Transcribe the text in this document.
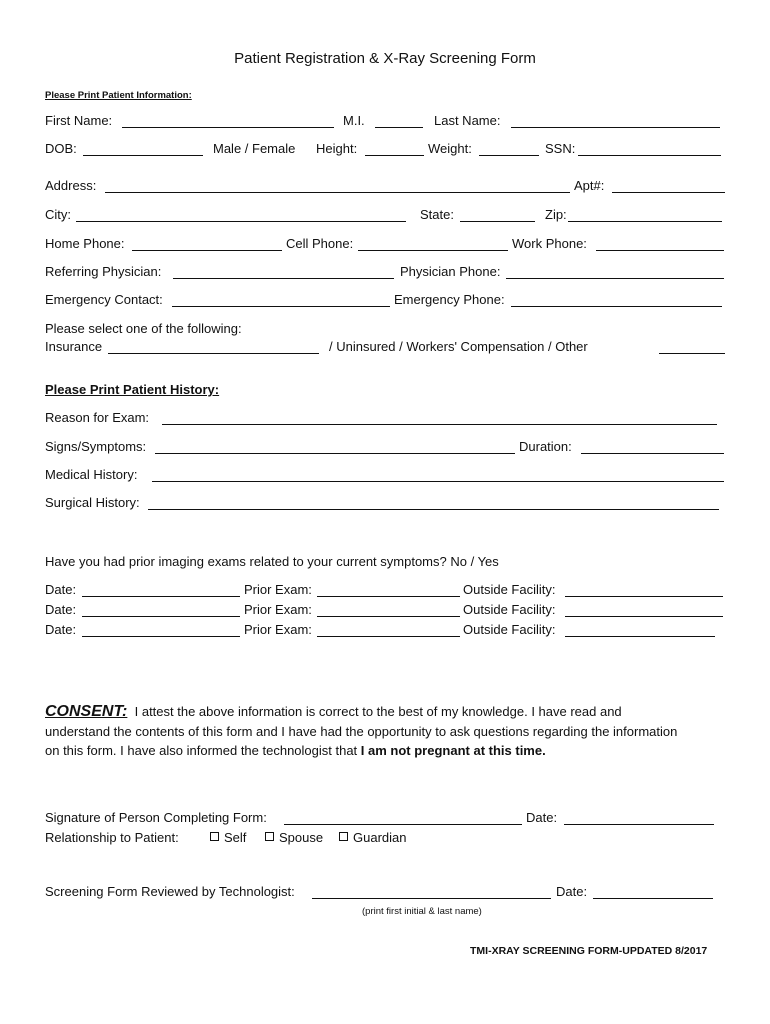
Patient Registration & X-Ray Screening Form
Please Print Patient Information:
First Name:	M.I.	Last Name:
DOB:	Male / Female Height:	Weight:	SSN:
Address:	Apt#:
City:	State:	Zip:
Home Phone:	Cell Phone:	Work Phone:
Referring Physician:	Physician Phone:
Emergency Contact:	Emergency Phone:
Please select one of the following:
Insurance	/ Uninsured / Workers' Compensation / Other
Please Print Patient History:
Reason for Exam:
Signs/Symptoms:	Duration:
Medical History:
Surgical History:
Have you had prior imaging exams related to your current symptoms? No / Yes
Date:	Prior Exam:	Outside Facility:
Date:	Prior Exam:	Outside Facility:
Date:	Prior Exam:	Outside Facility:
CONSENT: I attest the above information is correct to the best of my knowledge. I have read and understand the contents of this form and I have had the opportunity to ask questions regarding the information on this form. I have also informed the technologist that I am not pregnant at this time.
Signature of Person Completing Form:	Date:
Relationship to Patient:	Self	Spouse	Guardian
Screening Form Reviewed by Technologist:	Date:
(print first initial & last name)
TMI-XRAY SCREENING FORM-UPDATED 8/2017
